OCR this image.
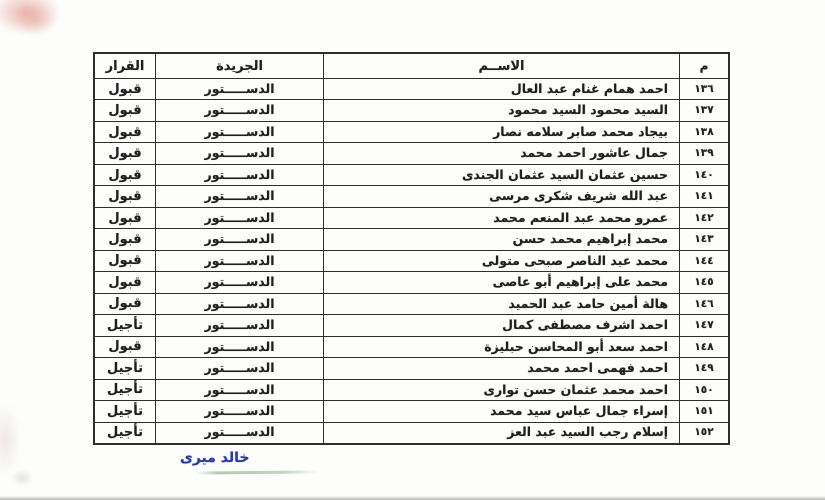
م
الاســم
الجريدة
القرار
١٣٦
احمد همام غنام عبد العال
الدســـــتور
قبول
١٣٧
السيد محمود السيد محمود
الدســـــتور
قبول
١٣٨
بيجاد محمد صابر سلامه نصار
الدســـــتور
قبول
١٣٩
جمال عاشور احمد محمد
الدســـــتور
قبول
١٤٠
حسين عثمان السيد عثمان الجندى
الدســـــتور
قبول
١٤١
عبد الله شريف شكرى مرسى
الدســـــتور
قبول
١٤٢
عمرو محمد عبد المنعم محمد
الدســـــتور
قبول
١٤٣
محمد إبراهيم محمد حسن
الدســـــتور
قبول
١٤٤
محمد عبد الناصر صبحى متولى
الدســـــتور
قبول
١٤٥
محمد على إبراهيم أبو عاصى
الدســـــتور
قبول
١٤٦
هالة أمين حامد عبد الحميد
الدســـــتور
قبول
١٤٧
احمد اشرف مصطفى كمال
الدســـــتور
تأجيل
١٤٨
احمد سعد أبو المحاسن حبليزة
الدســـــتور
قبول
١٤٩
احمد فهمى احمد محمد
الدســـــتور
تأجيل
١٥٠
احمد محمد عثمان حسن توارى
الدســـــتور
تأجيل
١٥١
إسراء جمال عباس سيد محمد
الدســـــتور
تأجيل
١٥٢
إسلام رجب السيد عبد العز
الدســـــتور
تأجيل
خالد ميرى
